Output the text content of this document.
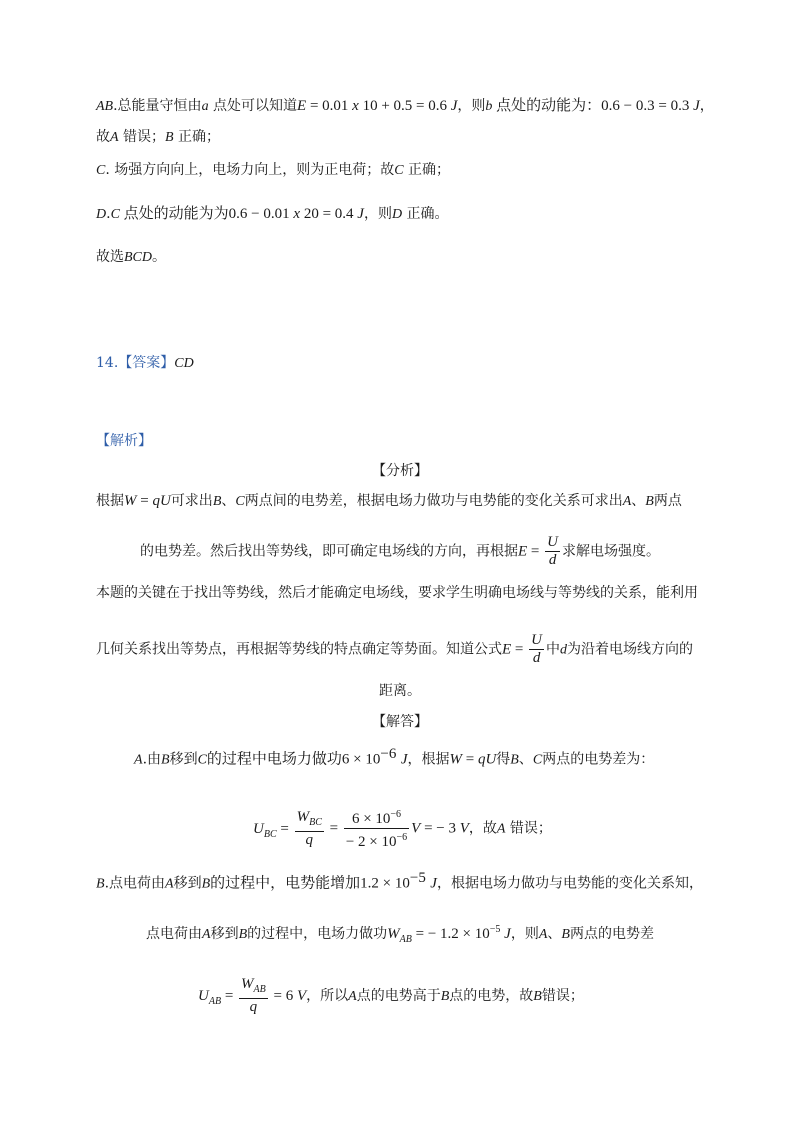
AB.总能量守恒由a 点处可以知道E = 0.01 x 10 + 0.5 = 0.6 J，则b 点处的动能为：0.6 − 0.3 = 0.3 J，
故A 错误；B 正确；
C. 场强方向向上，电场力向上，则为正电荷；故C 正确；
D.C 点处的动能为为0.6 − 0.01 x 20 = 0.4 J，则D 正确。
故选BCD。
14.【答案】CD
【解析】
【分析】
根据W = qU可求出B、C两点间的电势差，根据电场力做功与电势能的变化关系可求出A、B两点
的电势差。然后找出等势线，即可确定电场线的方向，再根据$E = \frac{U}{d}$ 求解电场强度。
本题的关键在于找出等势线，然后才能确定电场线，要求学生明确电场线与等势线的关系，能利用
几何关系找出等势点，再根据等势线的特点确定等势面。知道公式$E = \frac{U}{d}$ 中d为沿着电场线方向的
距离。
【解答】
A.由B移到C的过程中电场力做功$6 \times 10^{-6}$ J，根据W = qU得B、C两点的电势差为：
$U_{BC} = \frac{W_{BC}}{q} = \frac{6 \times 10^{-6}}{- 2 \times 10^{-6}}$ V = − 3 V，故A 错误；
B.点电荷由A移到B的过程中，电势能增加$1.2 \times 10^{-5}$ J，根据电场力做功与电势能的变化关系知，
点电荷由A移到B的过程中，电场力做功$W_{AB}$ = − $1.2 \times 10^{-5}$ J，则A、B两点的电势差
$U_{AB} = \frac{W_{AB}}{q} = 6$ V，所以A点的电势高于B点的电势，故B错误；
